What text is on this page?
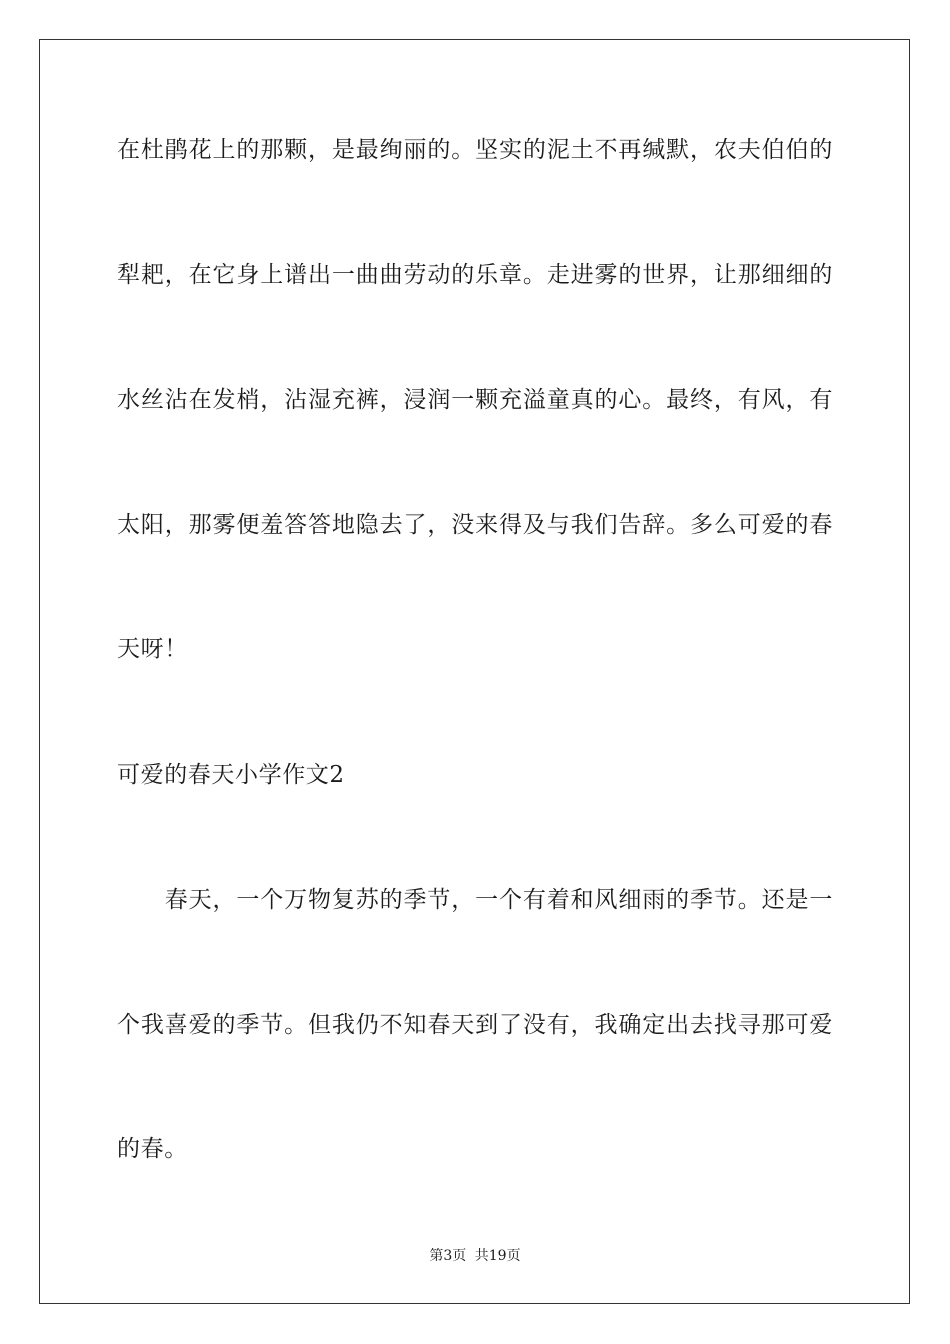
在杜鹃花上的那颗，是最绚丽的。坚实的泥土不再缄默，农夫伯伯的
犁耙，在它身上谱出一曲曲劳动的乐章。走进雾的世界，让那细细的
水丝沾在发梢，沾湿充裤，浸润一颗充溢童真的心。最终，有风，有
太阳，那雾便羞答答地隐去了，没来得及与我们告辞。多么可爱的春
天呀！
可爱的春天小学作文2
　　春天，一个万物复苏的季节，一个有着和风细雨的季节。还是一
个我喜爱的季节。但我仍不知春天到了没有，我确定出去找寻那可爱
的春。
第3页 共19页
